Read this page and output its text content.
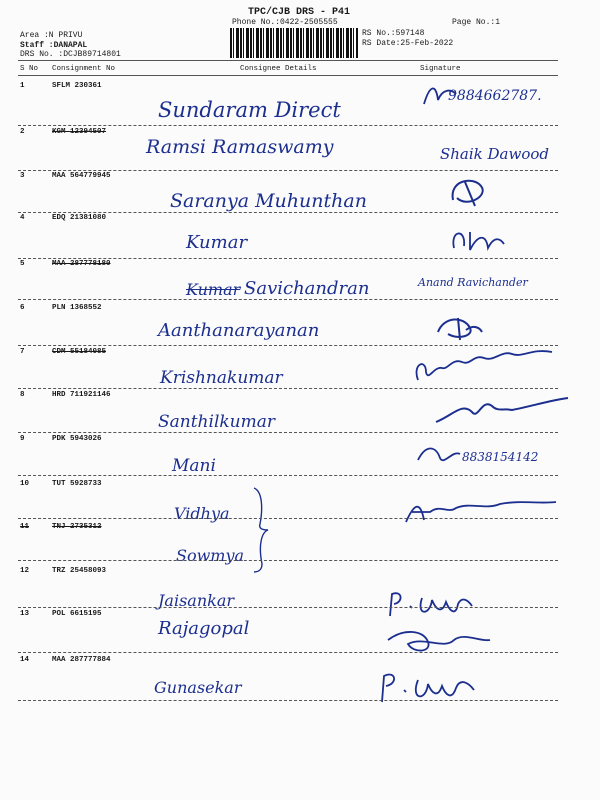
TPC/CJB DRS - P41
Phone No.:0422-2505555	Page No.:1
Area :N PRIVU
Staff :DANAPAL
DRS No. :DCJB89714801
RS No.:597148
RS Date:25-Feb-2022
S No Consignment No	Consignee Details	Signature
1	SFLM 230361
Sundaram Direct
9884662787.
2	KGM 12394507
Ramsi Ramaswamy	Shaik Dawood
3	MAA 564779945
Saranya Muhunthan
4	EDQ 21381080
Kumar
5	MAA 287778180
Kumar Savichandran	Anand Ravichander
6	PLN 1368552
Aanthanarayanan
7	CDM 55184085
Krishnakumar
8	HRD 711921146
Santhilkumar
9	PDK 5943026
Mani	8838154142
10	TUT 5928733
Vidhya
11	TNJ 2735312
Sowmya
12	TRZ 25458093
Jaisankar
13	POL 6615195
Rajagopal
14	MAA 287777884
Gunasekar
